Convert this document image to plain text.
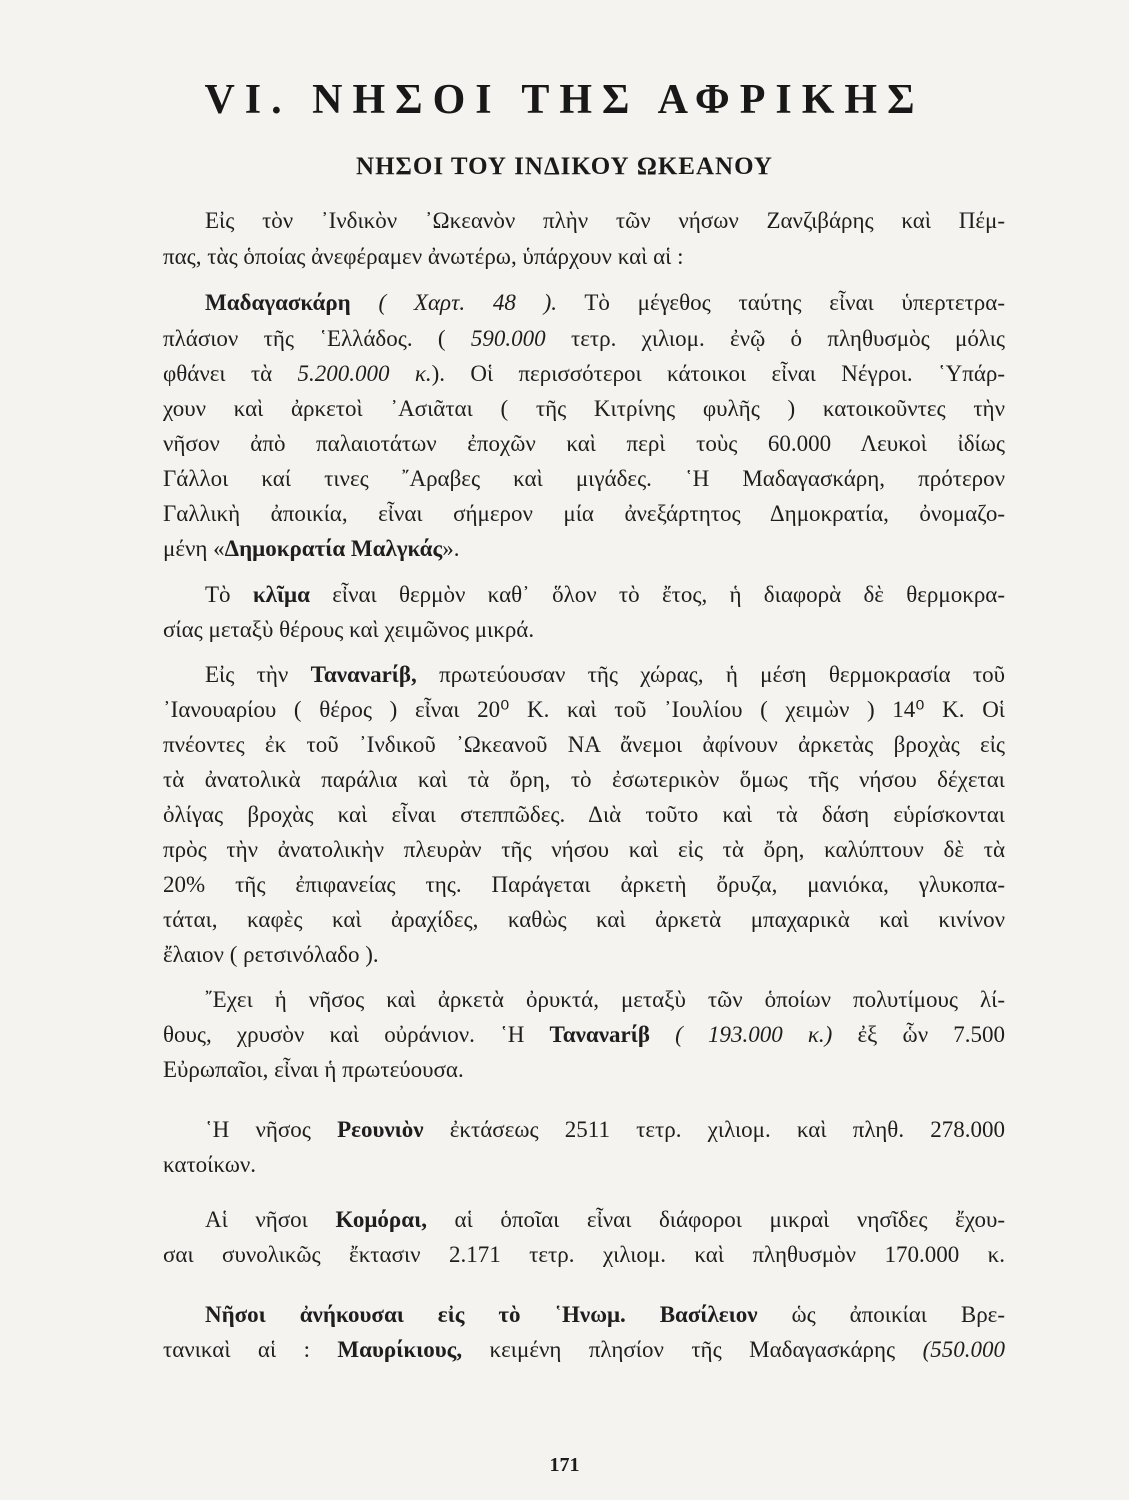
VI. ΝΗΣΟΙ ΤΗΣ ΑΦΡΙΚΗΣ
ΝΗΣΟΙ ΤΟΥ ΙΝΔΙΚΟΥ ΩΚΕΑΝΟΥ
Εἰς τὸν ᾿Ινδικὸν ᾿Ωκεανὸν πλὴν τῶν νήσων Ζανζιβάρης καὶ Πέμ-
πας, τὰς ὁποίας ἀνεφέραμεν ἀνωτέρω, ὑπάρχουν καὶ αἱ :
Μαδαγασκάρη ( Χαρτ. 48 ). Τὸ μέγεθος ταύτης εἶναι ὑπερτετρα-
πλάσιον τῆς ῾Ελλάδος. ( 590.000 τετρ. χιλιομ. ἐνῷ ὁ πληθυσμὸς μόλις
φθάνει τὰ 5.200.000 κ.). Οἱ περισσότεροι κάτοικοι εἶναι Νέγροι. ῾Υπάρ-
χουν καὶ ἀρκετοὶ ᾿Ασιᾶται ( τῆς Κιτρίνης φυλῆς ) κατοικοῦντες τὴν
νῆσον ἀπὸ παλαιοτάτων ἐποχῶν καὶ περὶ τοὺς 60.000 Λευκοὶ ἰδίως
Γάλλοι καί τινες ῎Αραβες καὶ μιγάδες. ῾Η Μαδαγασκάρη, πρότερον
Γαλλικὴ ἀποικία, εἶναι σήμερον μία ἀνεξάρτητος Δημοκρατία, ὀνομαζο-
μένη «Δημοκρατία Μαλγκάς».
Τὸ κλῖμα εἶναι θερμὸν καθ᾿ ὅλον τὸ ἔτος, ἡ διαφορὰ δὲ θερμοκρα-
σίας μεταξὺ θέρους καὶ χειμῶνος μικρά.
Εἰς τὴν Τανανarίβ, πρωτεύουσαν τῆς χώρας, ἡ μέση θερμοκρασία τοῦ
᾿Ιανουαρίου ( θέρος ) εἶναι 20⁰ Κ. καὶ τοῦ ᾿Ιουλίου ( χειμὼν ) 14⁰ Κ. Οἱ
πνέοντες ἐκ τοῦ ᾿Ινδικοῦ ᾿Ωκεανοῦ ΝΑ ἄνεμοι ἀφίνουν ἀρκετὰς βροχὰς εἰς
τὰ ἀνατολικὰ παράλια καὶ τὰ ὄρη, τὸ ἐσωτερικὸν ὅμως τῆς νήσου δέχεται
ὀλίγας βροχὰς καὶ εἶναι στεππῶδες. Διὰ τοῦτο καὶ τὰ δάση εὑρίσκονται
πρὸς τὴν ἀνατολικὴν πλευρὰν τῆς νήσου καὶ εἰς τὰ ὄρη, καλύπτουν δὲ τὰ
20% τῆς ἐπιφανείας της. Παράγεται ἀρκετὴ ὄρυζα, μανιόκα, γλυκοπα-
τάται, καφὲς καὶ ἀραχίδες, καθὼς καὶ ἀρκετὰ μπαχαρικὰ καὶ κινίνον
ἔλαιον ( ρετσινόλαδο ).
῎Εχει ἡ νῆσος καὶ ἀρκετὰ ὀρυκτά, μεταξὺ τῶν ὁποίων πολυτίμους λί-
θους, χρυσὸν καὶ οὐράνιον. ῾Η Τανανarίβ ( 193.000 κ.) ἐξ ὧν 7.500
Εὐρωπαῖοι, εἶναι ἡ πρωτεύουσα.
῾Η νῆσος Ρεουνιὸν ἐκτάσεως 2511 τετρ. χιλιομ. καὶ πληθ. 278.000
κατοίκων.
Αἱ νῆσοι Κομόραι, αἱ ὁποῖαι εἶναι διάφοροι μικραὶ νησῖδες ἔχου-
σαι συνολικῶς ἔκτασιν 2.171 τετρ. χιλιομ. καὶ πληθυσμὸν 170.000 κ.
Νῆσοι ἀνήκουσαι εἰς τὸ ῾Ηνωμ. Βασίλειον ὡς ἀποικίαι Βρε-
τανικαὶ αἱ : Μαυρίκιους, κειμένη πλησίον τῆς Μαδαγασκάρης (550.000
171
